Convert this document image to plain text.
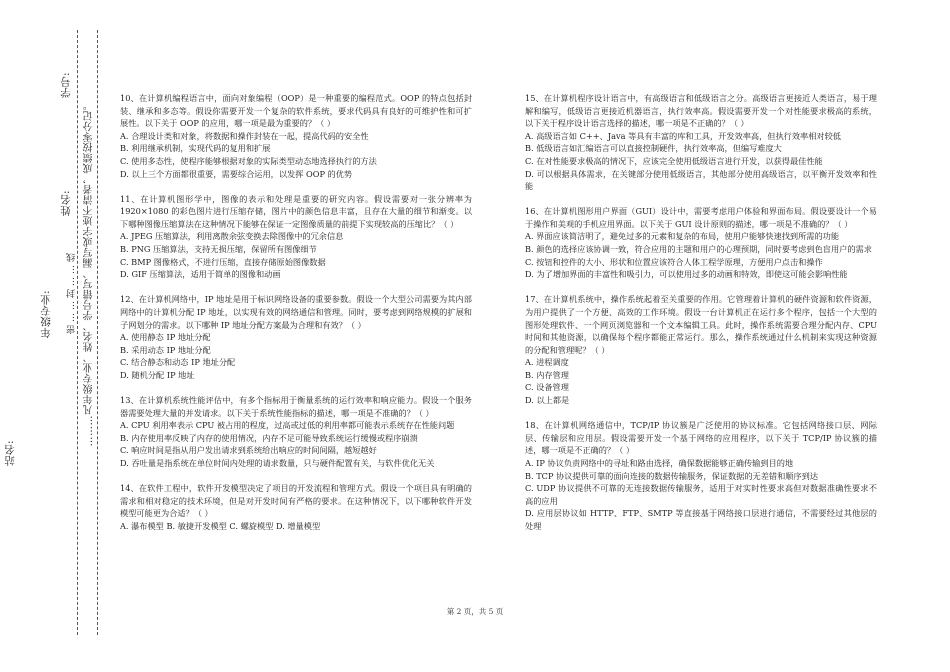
学号:
姓名:
年级专业:
站名:
………凡年级专业、姓名、学号错写、漏写或字迹不清者，成绩按零分记。
密……封……线

10、在计算机编程语言中，面向对象编程（OOP）是一种重要的编程范式。OOP 的特点包括封装、继承和多态等。假设你需要开发一个复杂的软件系统，要求代码具有良好的可维护性和可扩展性。以下关于 OOP 的应用，哪一项是最为重要的？（ ）

A. 合理设计类和对象，将数据和操作封装在一起，提高代码的安全性

B. 利用继承机制，实现代码的复用和扩展

C. 使用多态性，使程序能够根据对象的实际类型动态地选择执行的方法

D. 以上三个方面都很重要，需要综合运用，以发挥 OOP 的优势

11、在计算机图形学中，图像的表示和处理是重要的研究内容。假设需要对一张分辨率为 1920×1080 的彩色图片进行压缩存储，图片中的颜色信息丰富，且存在大量的细节和渐变。以下哪种图像压缩算法在这种情况下能够在保证一定图像质量的前提下实现较高的压缩比？（ ）

A. JPEG 压缩算法，利用离散余弦变换去除图像中的冗余信息

B. PNG 压缩算法，支持无损压缩，保留所有图像细节

C. BMP 图像格式，不进行压缩，直接存储原始图像数据

D. GIF 压缩算法，适用于简单的图像和动画

12、在计算机网络中，IP 地址是用于标识网络设备的重要参数。假设一个大型公司需要为其内部网络中的计算机分配 IP 地址，以实现有效的网络通信和管理。同时，要考虑到网络规模的扩展和子网划分的需求。以下哪种 IP 地址分配方案最为合理和有效？（ ）

A. 使用静态 IP 地址分配

B. 采用动态 IP 地址分配

C. 结合静态和动态 IP 地址分配

D. 随机分配 IP 地址

13、在计算机系统性能评估中，有多个指标用于衡量系统的运行效率和响应能力。假设一个服务器需要处理大量的并发请求。以下关于系统性能指标的描述，哪一项是不准确的？（ ）

A. CPU 利用率表示 CPU 被占用的程度，过高或过低的利用率都可能表示系统存在性能问题

B. 内存使用率反映了内存的使用情况，内存不足可能导致系统运行缓慢或程序崩溃

C. 响应时间是指从用户发出请求到系统给出响应的时间间隔，越短越好

D. 吞吐量是指系统在单位时间内处理的请求数量，只与硬件配置有关，与软件优化无关

14、在软件工程中，软件开发模型决定了项目的开发流程和管理方式。假设一个项目具有明确的需求和相对稳定的技术环境，但是对开发时间有严格的要求。在这种情况下，以下哪种软件开发模型可能更为合适？（ ）

A. 瀑布模型 B. 敏捷开发模型 C. 螺旋模型 D. 增量模型

15、在计算机程序设计语言中，有高级语言和低级语言之分。高级语言更接近人类语言，易于理解和编写，低级语言更接近机器语言，执行效率高。假设需要开发一个对性能要求极高的系统，以下关于程序设计语言选择的描述，哪一项是不正确的？（ ）

A. 高级语言如 C++、Java 等具有丰富的库和工具，开发效率高，但执行效率相对较低

B. 低级语言如汇编语言可以直接控制硬件，执行效率高，但编写难度大

C. 在对性能要求极高的情况下，应该完全使用低级语言进行开发，以获得最佳性能

D. 可以根据具体需求，在关键部分使用低级语言，其他部分使用高级语言，以平衡开发效率和性能

16、在计算机图形用户界面（GUI）设计中，需要考虑用户体验和界面布局。假设要设计一个易于操作和美观的手机应用界面。以下关于 GUI 设计原则的描述，哪一项是不准确的？（ ）

A. 界面应该简洁明了，避免过多的元素和复杂的布局，使用户能够快速找到所需的功能

B. 颜色的选择应该协调一致，符合应用的主题和用户的心理预期，同时要考虑到色盲用户的需求

C. 按钮和控件的大小、形状和位置应该符合人体工程学原理，方便用户点击和操作

D. 为了增加界面的丰富性和吸引力，可以使用过多的动画和特效，即使这可能会影响性能

17、在计算机系统中，操作系统起着至关重要的作用。它管理着计算机的硬件资源和软件资源，为用户提供了一个方便、高效的工作环境。假设一台计算机正在运行多个程序，包括一个大型的图形处理软件、一个网页浏览器和一个文本编辑工具。此时，操作系统需要合理分配内存、CPU 时间和其他资源，以确保每个程序都能正常运行。那么，操作系统通过什么机制来实现这种资源的分配和管理呢？（ ）

A. 进程调度

B. 内存管理

C. 设备管理

D. 以上都是

18、在计算机网络通信中，TCP/IP 协议簇是广泛使用的协议标准。它包括网络接口层、网际层、传输层和应用层。假设需要开发一个基于网络的应用程序，以下关于 TCP/IP 协议簇的描述，哪一项是不正确的？（ ）

A. IP 协议负责网络中的寻址和路由选择，确保数据能够正确传输到目的地

B. TCP 协议提供可靠的面向连接的数据传输服务，保证数据的无差错和顺序到达

C. UDP 协议提供不可靠的无连接数据传输服务，适用于对实时性要求高但对数据准确性要求不高的应用

D. 应用层协议如 HTTP、FTP、SMTP 等直接基于网络接口层进行通信，不需要经过其他层的处理

第 2 页，共 5 页
